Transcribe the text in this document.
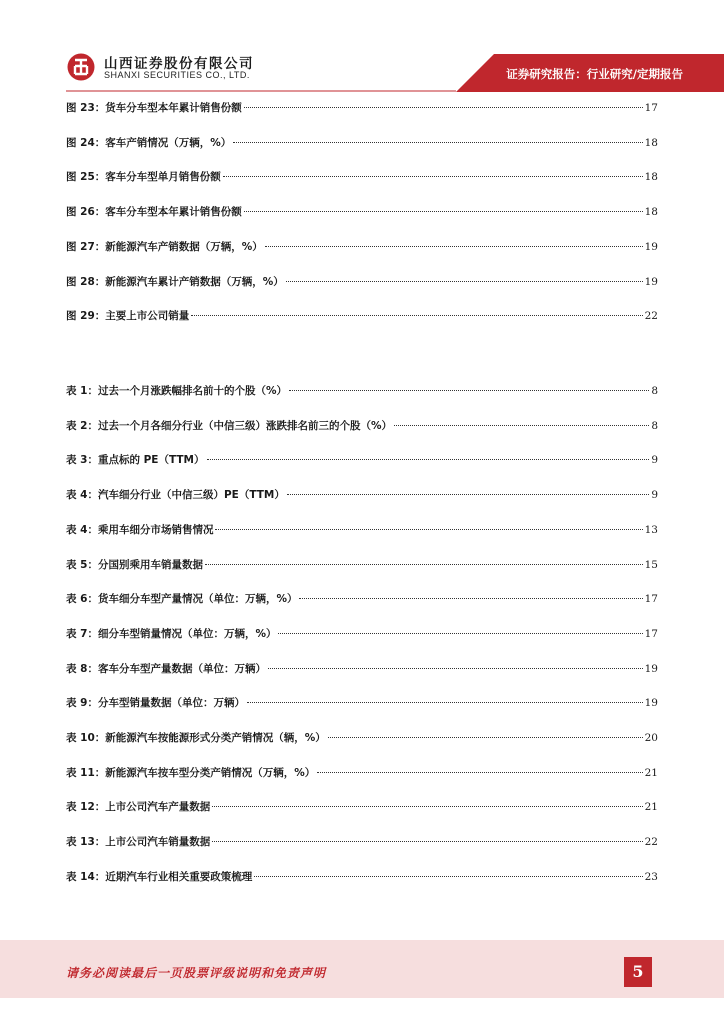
山西证券股份有限公司
SHANXI SECURITIES CO., LTD.	证券研究报告：行业研究/定期报告
图 23：货车分车型本年累计销售份额	17
图 24：客车产销情况（万辆，%）	18
图 25：客车分车型单月销售份额	18
图 26：客车分车型本年累计销售份额	18
图 27：新能源汽车产销数据（万辆，%）	19
图 28：新能源汽车累计产销数据（万辆，%）	19
图 29：主要上市公司销量	22
表 1：过去一个月涨跌幅排名前十的个股（%）	8
表 2：过去一个月各细分行业（中信三级）涨跌排名前三的个股（%）	8
表 3：重点标的 PE（TTM）	9
表 4：汽车细分行业（中信三级）PE（TTM）	9
表 4：乘用车细分市场销售情况	13
表 5：分国别乘用车销量数据	15
表 6：货车细分车型产量情况（单位：万辆，%）	17
表 7：细分车型销量情况（单位：万辆，%）	17
表 8：客车分车型产量数据（单位：万辆）	19
表 9：分车型销量数据（单位：万辆）	19
表 10：新能源汽车按能源形式分类产销情况（辆，%）	20
表 11：新能源汽车按车型分类产销情况（万辆，%）	21
表 12：上市公司汽车产量数据	21
表 13：上市公司汽车销量数据	22
表 14：近期汽车行业相关重要政策梳理	23
请务必阅读最后一页股票评级说明和免责声明	5
